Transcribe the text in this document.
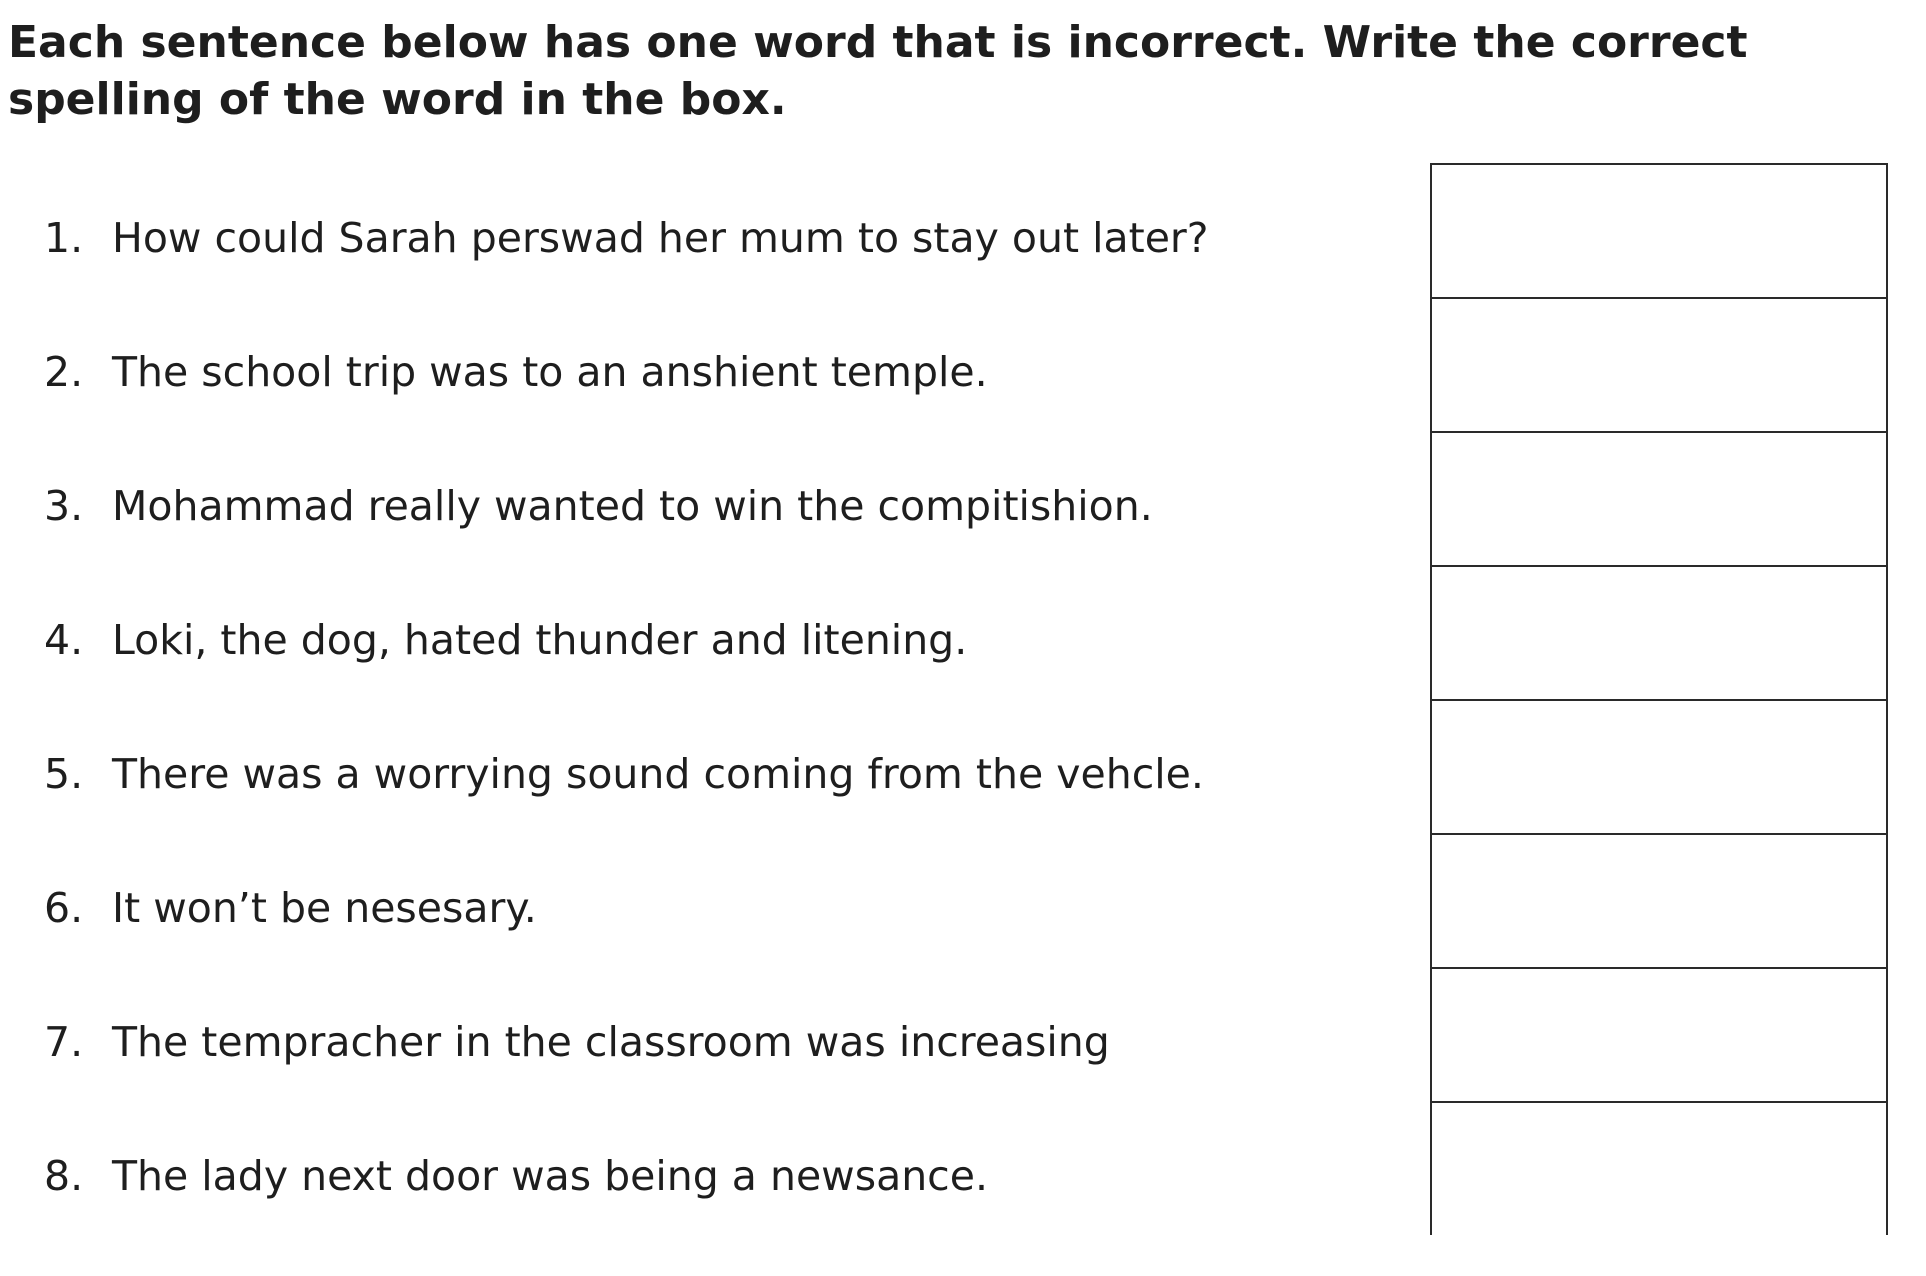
Each sentence below has one word that is incorrect. Write the correct spelling of the word in the box.

1. How could Sarah perswad her mum to stay out later?
2. The school trip was to an anshient temple.
3. Mohammad really wanted to win the compitishion.
4. Loki, the dog, hated thunder and litening.
5. There was a worrying sound coming from the vehcle.
6. It won’t be nesesary.
7. The tempracher in the classroom was increasing
8. The lady next door was being a newsance.
